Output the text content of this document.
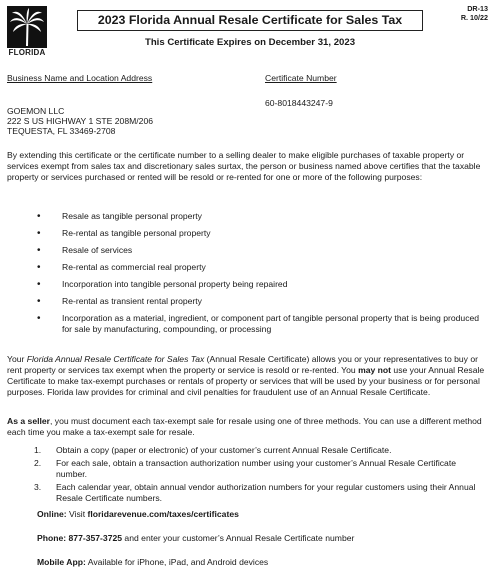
FLORIDA
2023 Florida Annual Resale Certificate for Sales Tax
DR-13
R. 10/22
This Certificate Expires on December 31, 2023
Business Name and Location Address	Certificate Number
60-8018443247-9
GOEMON LLC
222 S US HIGHWAY 1 STE 208M/206
TEQUESTA, FL 33469-2708
By extending this certificate or the certificate number to a selling dealer to make eligible purchases of taxable property or services exempt from sales tax and discretionary sales surtax, the person or business named above certifies that the taxable property or services purchased or rented will be resold or re-rented for one or more of the following purposes:
• Resale as tangible personal property
• Re-rental as tangible personal property
• Resale of services
• Re-rental as commercial real property
• Incorporation into tangible personal property being repaired
• Re-rental as transient rental property
• Incorporation as a material, ingredient, or component part of tangible personal property that is being produced for sale by manufacturing, compounding, or processing
Your Florida Annual Resale Certificate for Sales Tax (Annual Resale Certificate) allows you or your representatives to buy or rent property or services tax exempt when the property or service is resold or re-rented. You may not use your Annual Resale Certificate to make tax-exempt purchases or rentals of property or services that will be used by your business or for personal purposes. Florida law provides for criminal and civil penalties for fraudulent use of an Annual Resale Certificate.
As a seller, you must document each tax-exempt sale for resale using one of three methods. You can use a different method each time you make a tax-exempt sale for resale.
1. Obtain a copy (paper or electronic) of your customer’s current Annual Resale Certificate.
2. For each sale, obtain a transaction authorization number using your customer’s Annual Resale Certificate number.
3. Each calendar year, obtain annual vendor authorization numbers for your regular customers using their Annual Resale Certificate numbers.
Online: Visit floridarevenue.com/taxes/certificates
Phone: 877-357-3725 and enter your customer’s Annual Resale Certificate number
Mobile App: Available for iPhone, iPad, and Android devices
